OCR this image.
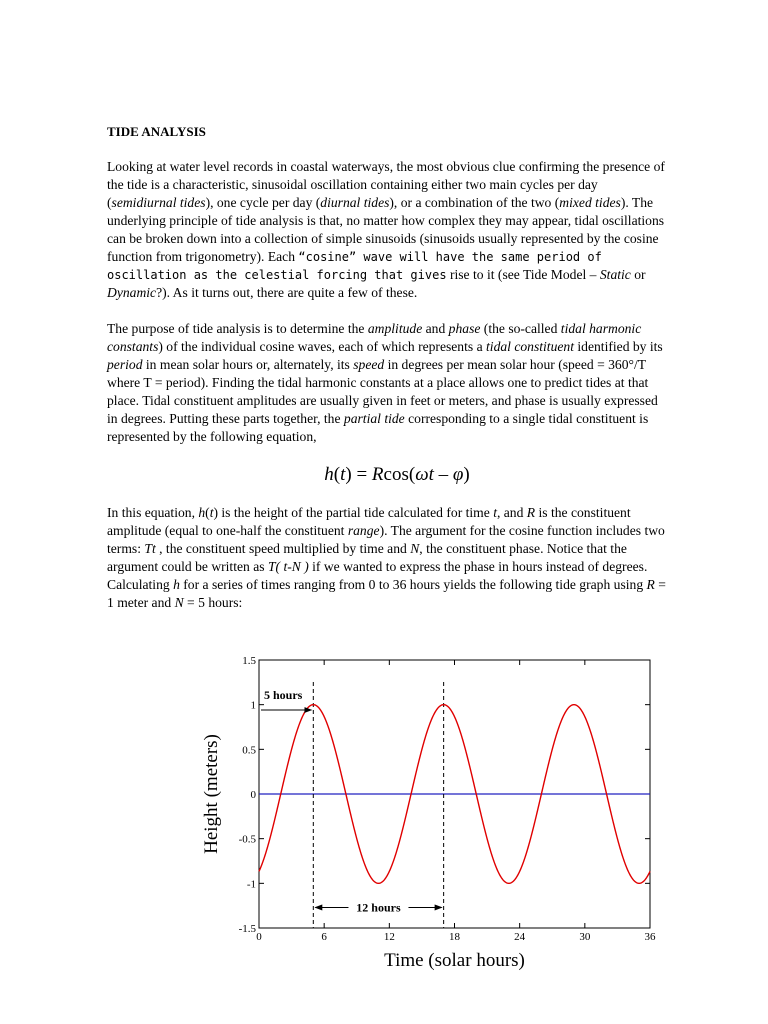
TIDE ANALYSIS

Looking at water level records in coastal waterways, the most obvious clue confirming the presence of the tide is a characteristic, sinusoidal oscillation containing either two main cycles per day (semidiurnal tides), one cycle per day (diurnal tides), or a combination of the two (mixed tides). The underlying principle of tide analysis is that, no matter how complex they may appear, tidal oscillations can be broken down into a collection of simple sinusoids (sinusoids usually represented by the cosine function from trigonometry). Each “cosine” wave will have the same period of oscillation as the celestial forcing that gives rise to it (see Tide Model – Static or Dynamic?). As it turns out, there are quite a few of these.

The purpose of tide analysis is to determine the amplitude and phase (the so-called tidal harmonic constants) of the individual cosine waves, each of which represents a tidal constituent identified by its period in mean solar hours or, alternately, its speed in degrees per mean solar hour (speed = 360°/T where T = period). Finding the tidal harmonic constants at a place allows one to predict tides at that place. Tidal constituent amplitudes are usually given in feet or meters, and phase is usually expressed in degrees. Putting these parts together, the partial tide corresponding to a single tidal constituent is represented by the following equation,

h(t) = Rcos(ωt – φ)

In this equation, h(t) is the height of the partial tide calculated for time t, and R is the constituent amplitude (equal to one-half the constituent range). The argument for the cosine function includes two terms: Tt , the constituent speed multiplied by time and N, the constituent phase. Notice that the argument could be written as T( t-N ) if we wanted to express the phase in hours instead of degrees. Calculating h for a series of times ranging from 0 to 36 hours yields the following tide graph using R = 1 meter and N = 5 hours:

1.5
1
0.5
0
-0.5
-1
-1.5
0	6	12	18	24	30	36
5 hours
12 hours
Time (solar hours)
Height (meters)
